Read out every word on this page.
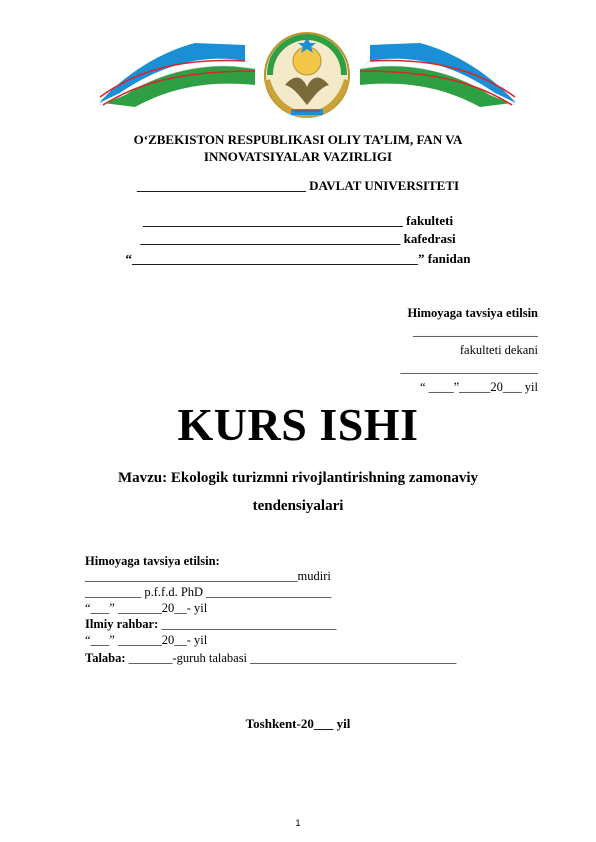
O‘ZBEKISTON RESPUBLIKASI OLIY TA’LIM, FAN VA
INNOVATSIYALAR VAZIRLIGI
__________________________ DAVLAT UNIVERSITETI
________________________________________ fakulteti
________________________________________ kafedrasi
“____________________________________________” fanidan
Himoyaga tavsiya etilsin
____________________
fakulteti dekani
______________________
“ ____”_____20___ yil
KURS ISHI
Mavzu: Ekologik turizmni rivojlantirishning zamonaviy
tendensiyalari
Himoyaga tavsiya etilsin:
__________________________________mudiri
_________ p.f.f.d. PhD ____________________
“___” _______20__- yil
Ilmiy rahbar: ____________________________
“___” _______20__- yil
Talaba: _______-guruh talabasi _________________________________
Toshkent-20___ yil
1
